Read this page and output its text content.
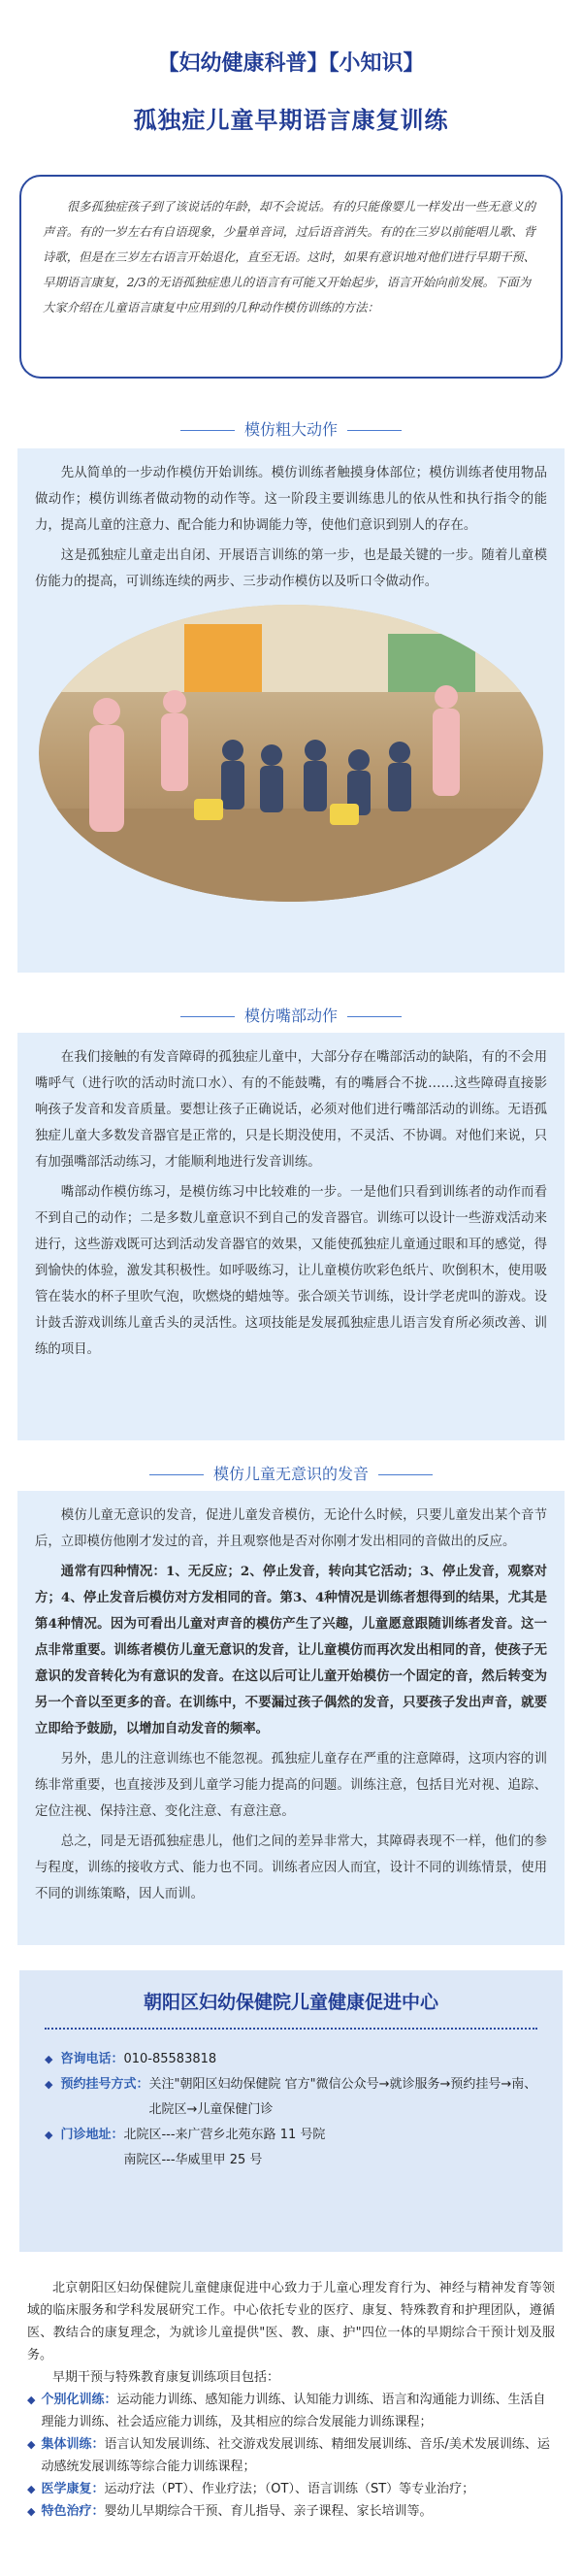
【妇幼健康科普】【小知识】
孤独症儿童早期语言康复训练
很多孤独症孩子到了该说话的年龄，却不会说话。有的只能像婴儿一样发出一些无意义的声音。有的一岁左右有自语现象，少量单音词，过后语音消失。有的在三岁以前能唱儿歌、背诗歌，但是在三岁左右语言开始退化，直至无语。这时，如果有意识地对他们进行早期干预、早期语言康复，2/3的无语孤独症患儿的语言有可能又开始起步，语言开始向前发展。下面为大家介绍在儿童语言康复中应用到的几种动作模仿训练的方法：
模仿粗大动作

先从简单的一步动作模仿开始训练。模仿训练者触摸身体部位；模仿训练者使用物品做动作；模仿训练者做动物的动作等。这一阶段主要训练患儿的依从性和执行指令的能力，提高儿童的注意力、配合能力和协调能力等，使他们意识到别人的存在。

这是孤独症儿童走出自闭、开展语言训练的第一步，也是最关键的一步。随着儿童模仿能力的提高，可训练连续的两步、三步动作模仿以及听口令做动作。

模仿嘴部动作

在我们接触的有发音障碍的孤独症儿童中，大部分存在嘴部活动的缺陷，有的不会用嘴呼气（进行吹的活动时流口水）、有的不能鼓嘴，有的嘴唇合不拢……这些障碍直接影响孩子发音和发音质量。要想让孩子正确说话，必须对他们进行嘴部活动的训练。无语孤独症儿童大多数发音器官是正常的，只是长期没使用，不灵活、不协调。对他们来说，只有加强嘴部活动练习，才能顺利地进行发音训练。

嘴部动作模仿练习，是模仿练习中比较难的一步。一是他们只看到训练者的动作而看不到自己的动作；二是多数儿童意识不到自己的发音器官。训练可以设计一些游戏活动来进行，这些游戏既可达到活动发音器官的效果，又能使孤独症儿童通过眼和耳的感觉，得到愉快的体验，激发其积极性。如呼吸练习，让儿童模仿吹彩色纸片、吹倒积木，使用吸管在装水的杯子里吹气泡，吹燃烧的蜡烛等。张合颂关节训练，设计学老虎叫的游戏。设计鼓舌游戏训练儿童舌头的灵活性。这项技能是发展孤独症患儿语言发育所必须改善、训练的项目。

模仿儿童无意识的发音

模仿儿童无意识的发音，促进儿童发音模仿，无论什么时候，只要儿童发出某个音节后，立即模仿他刚才发过的音，并且观察他是否对你刚才发出相同的音做出的反应。

通常有四种情况：1、无反应；2、停止发音，转向其它活动；3、停止发音，观察对方；4、停止发音后模仿对方发相同的音。第3、4种情况是训练者想得到的结果，尤其是第4种情况。因为可看出儿童对声音的模仿产生了兴趣，儿童愿意跟随训练者发音。这一点非常重要。训练者模仿儿童无意识的发音，让儿童模仿而再次发出相同的音，使孩子无意识的发音转化为有意识的发音。在这以后可让儿童开始模仿一个固定的音，然后转变为另一个音以至更多的音。在训练中，不要漏过孩子偶然的发音，只要孩子发出声音，就要立即给予鼓励，以增加自动发音的频率。

另外，患儿的注意训练也不能忽视。孤独症儿童存在严重的注意障碍，这项内容的训练非常重要，也直接涉及到儿童学习能力提高的问题。训练注意，包括目光对视、追踪、定位注视、保持注意、变化注意、有意注意。

总之，同是无语孤独症患儿，他们之间的差异非常大，其障碍表现不一样，他们的参与程度，训练的接收方式、能力也不同。训练者应因人而宜，设计不同的训练情景，使用不同的训练策略，因人而训。

朝阳区妇幼保健院儿童健康促进中心
◆ 咨询电话： 010-85583818
◆ 预约挂号方式： 关注"朝阳区妇幼保健院 官方"微信公众号→就诊服务→预约挂号→南、北院区→儿童保健门诊
◆ 门诊地址： 北院区---来广营乡北苑东路 11 号院
南院区---华威里甲 25 号

北京朝阳区妇幼保健院儿童健康促进中心致力于儿童心理发育行为、神经与精神发育等领域的临床服务和学科发展研究工作。中心依托专业的医疗、康复、特殊教育和护理团队，遵循医、教结合的康复理念，为就诊儿童提供"医、教、康、护"四位一体的早期综合干预计划及服务。

早期干预与特殊教育康复训练项目包括：

◆ 个别化训练：运动能力训练、感知能力训练、认知能力训练、语言和沟通能力训练、生活自理能力训练、社会适应能力训练，及其相应的综合发展能力训练课程；
◆ 集体训练：语言认知发展训练、社交游戏发展训练、精细发展训练、音乐/美术发展训练、运动感统发展训练等综合能力训练课程；
◆ 医学康复：运动疗法（PT）、作业疗法；（OT）、语言训练（ST）等专业治疗；
◆ 特色治疗：婴幼儿早期综合干预、育儿指导、亲子课程、家长培训等。
